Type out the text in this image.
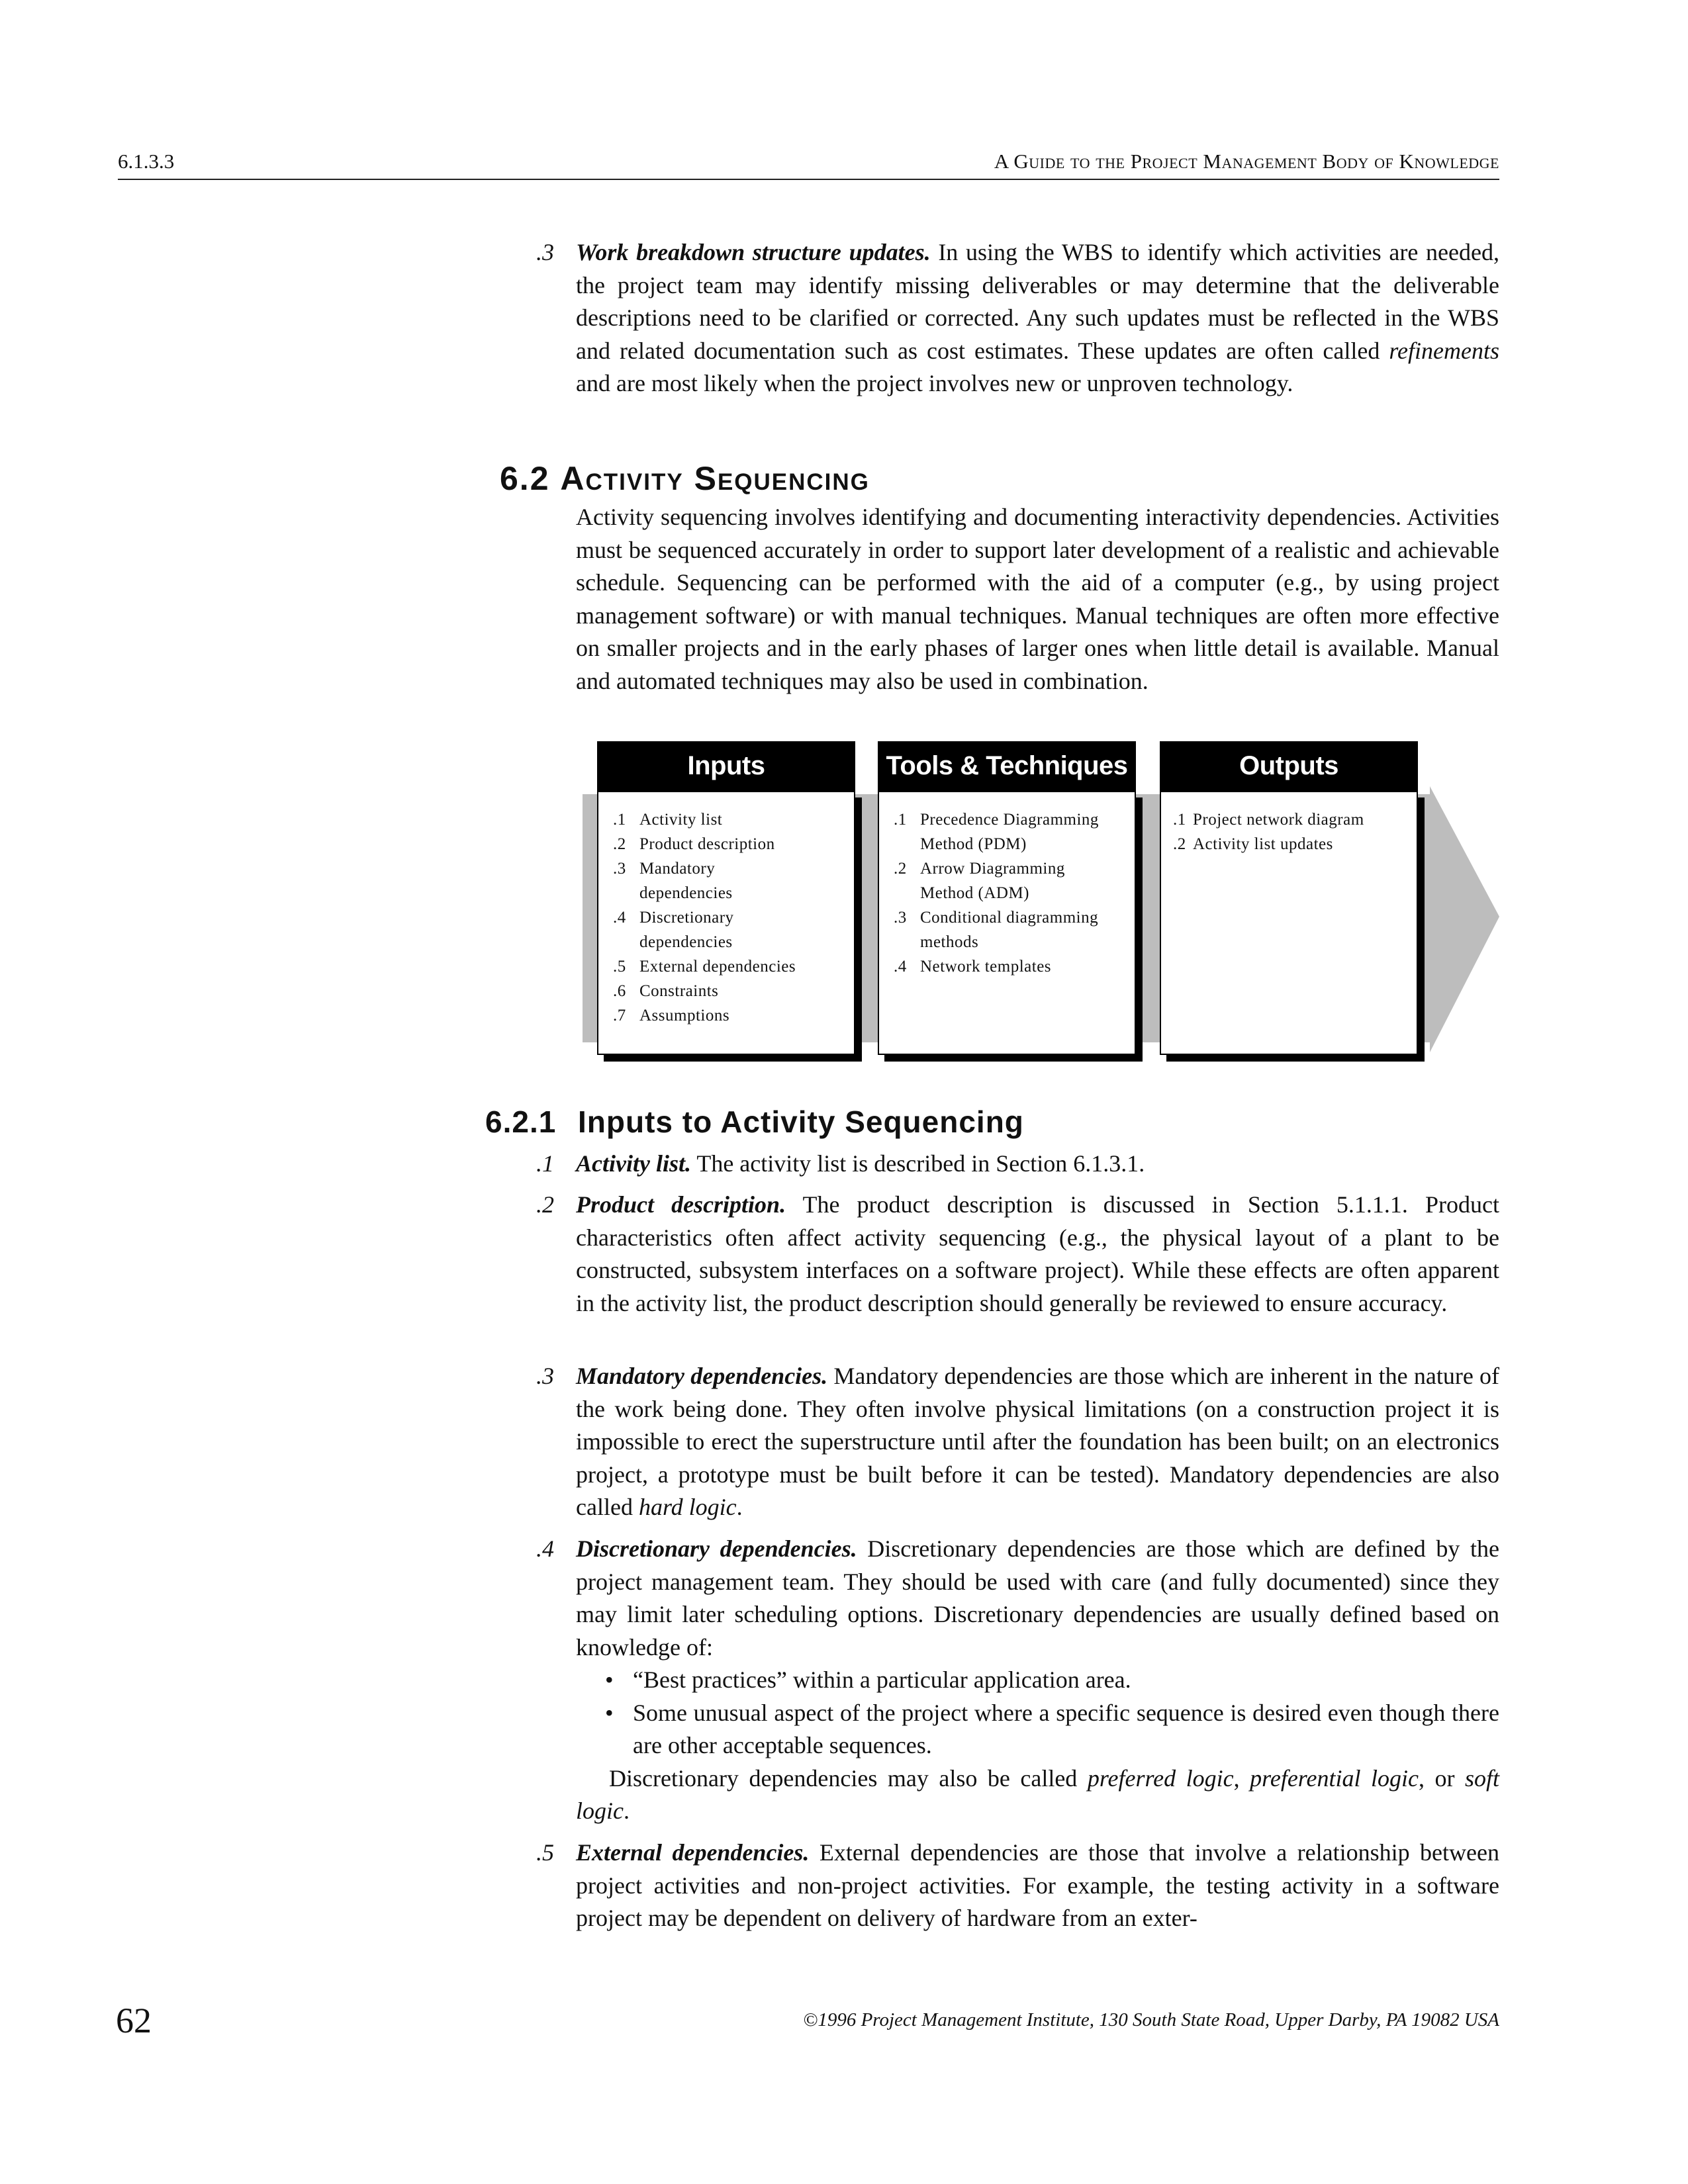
6.1.3.3	A Guide to the Project Management Body of Knowledge
.3 Work breakdown structure updates. In using the WBS to identify which activities are needed, the project team may identify missing deliverables or may determine that the deliverable descriptions need to be clarified or corrected. Any such updates must be reflected in the WBS and related documentation such as cost estimates. These updates are often called refinements and are most likely when the project involves new or unproven technology.
6.2 Activity Sequencing
Activity sequencing involves identifying and documenting interactivity dependencies. Activities must be sequenced accurately in order to support later development of a realistic and achievable schedule. Sequencing can be performed with the aid of a computer (e.g., by using project management software) or with manual techniques. Manual techniques are often more effective on smaller projects and in the early phases of larger ones when little detail is available. Manual and automated techniques may also be used in combination.
Inputs
.1 Activity list
.2 Product description
.3 Mandatory dependencies
.4 Discretionary dependencies
.5 External dependencies
.6 Constraints
.7 Assumptions
Tools & Techniques
.1 Precedence Diagramming Method (PDM)
.2 Arrow Diagramming Method (ADM)
.3 Conditional diagramming methods
.4 Network templates
Outputs
.1 Project network diagram
.2 Activity list updates
6.2.1 Inputs to Activity Sequencing
.1 Activity list. The activity list is described in Section 6.1.3.1.
.2 Product description. The product description is discussed in Section 5.1.1.1. Product characteristics often affect activity sequencing (e.g., the physical layout of a plant to be constructed, subsystem interfaces on a software project). While these effects are often apparent in the activity list, the product description should generally be reviewed to ensure accuracy.
.3 Mandatory dependencies. Mandatory dependencies are those which are inherent in the nature of the work being done. They often involve physical limitations (on a construction project it is impossible to erect the superstructure until after the foundation has been built; on an electronics project, a prototype must be built before it can be tested). Mandatory dependencies are also called hard logic.
.4 Discretionary dependencies. Discretionary dependencies are those which are defined by the project management team. They should be used with care (and fully documented) since they may limit later scheduling options. Discretionary dependencies are usually defined based on knowledge of:
• “Best practices” within a particular application area.
• Some unusual aspect of the project where a specific sequence is desired even though there are other acceptable sequences.
Discretionary dependencies may also be called preferred logic, preferential logic, or soft logic.
.5 External dependencies. External dependencies are those that involve a relationship between project activities and non-project activities. For example, the testing activity in a software project may be dependent on delivery of hardware from an exter-
62	©1996 Project Management Institute, 130 South State Road, Upper Darby, PA 19082 USA
